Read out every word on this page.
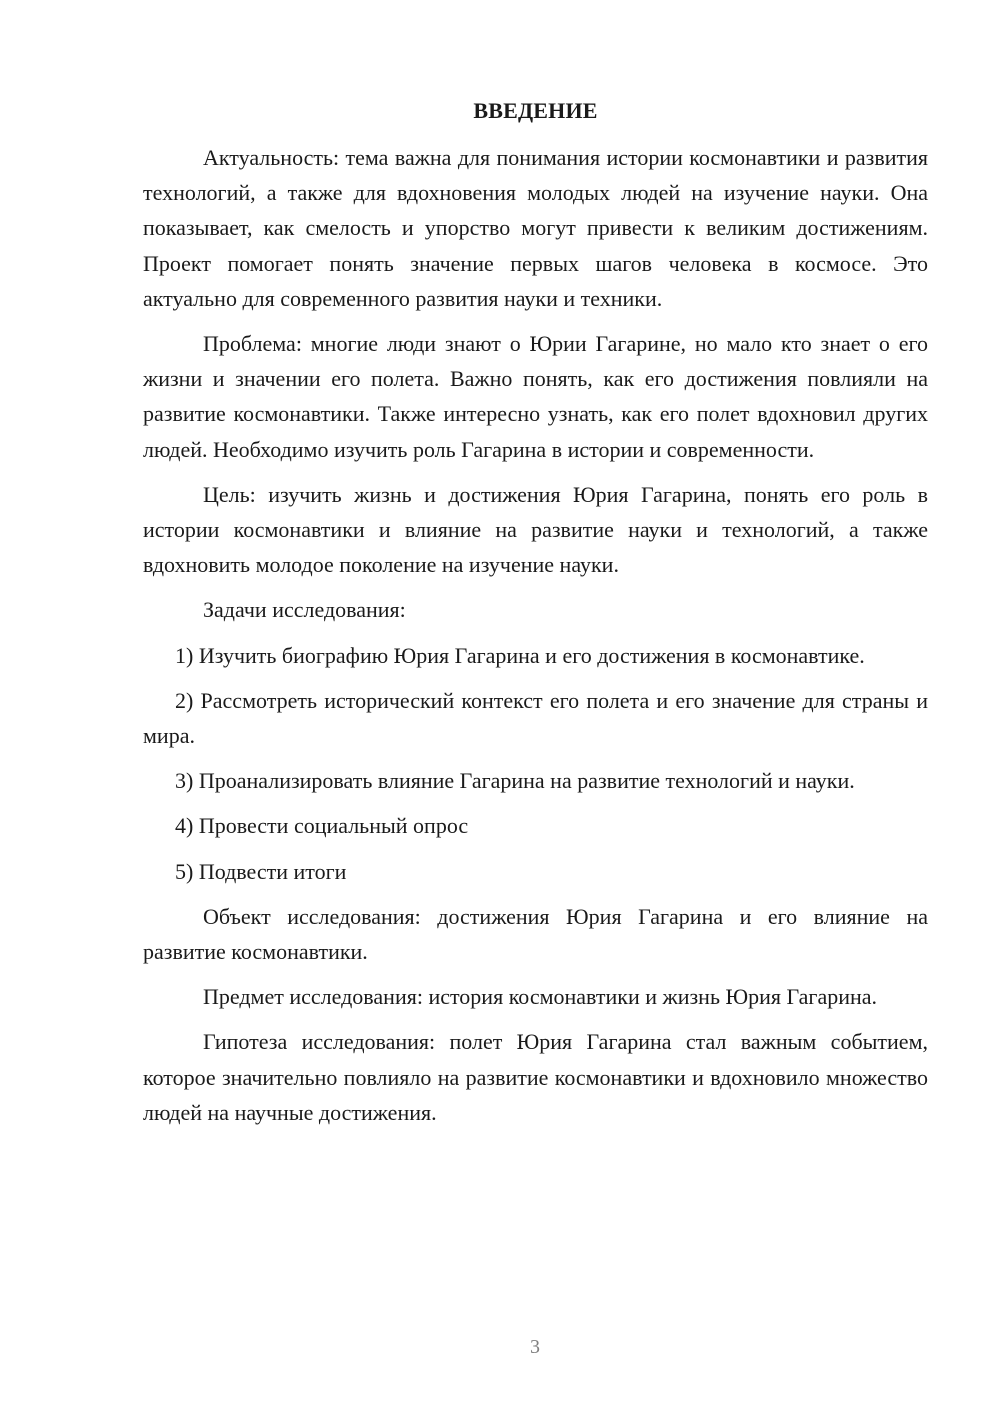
ВВЕДЕНИЕ

Актуальность: тема важна для понимания истории космонавтики и развития технологий, а также для вдохновения молодых людей на изучение науки. Она показывает, как смелость и упорство могут привести к великим достижениям. Проект помогает понять значение первых шагов человека в космосе. Это актуально для современного развития науки и техники.

Проблема: многие люди знают о Юрии Гагарине, но мало кто знает о его жизни и значении его полета. Важно понять, как его достижения повлияли на развитие космонавтики. Также интересно узнать, как его полет вдохновил других людей. Необходимо изучить роль Гагарина в истории и современности.

Цель: изучить жизнь и достижения Юрия Гагарина, понять его роль в истории космонавтики и влияние на развитие науки и технологий, а также вдохновить молодое поколение на изучение науки.

Задачи исследования:

1) Изучить биографию Юрия Гагарина и его достижения в космонавтике.

2) Рассмотреть исторический контекст его полета и его значение для страны и мира.

3) Проанализировать влияние Гагарина на развитие технологий и науки.

4) Провести социальный опрос

5) Подвести итоги

Объект исследования: достижения Юрия Гагарина и его влияние на развитие космонавтики.

Предмет исследования: история космонавтики и жизнь Юрия Гагарина.

Гипотеза исследования: полет Юрия Гагарина стал важным событием, которое значительно повлияло на развитие космонавтики и вдохновило множество людей на научные достижения.

3
